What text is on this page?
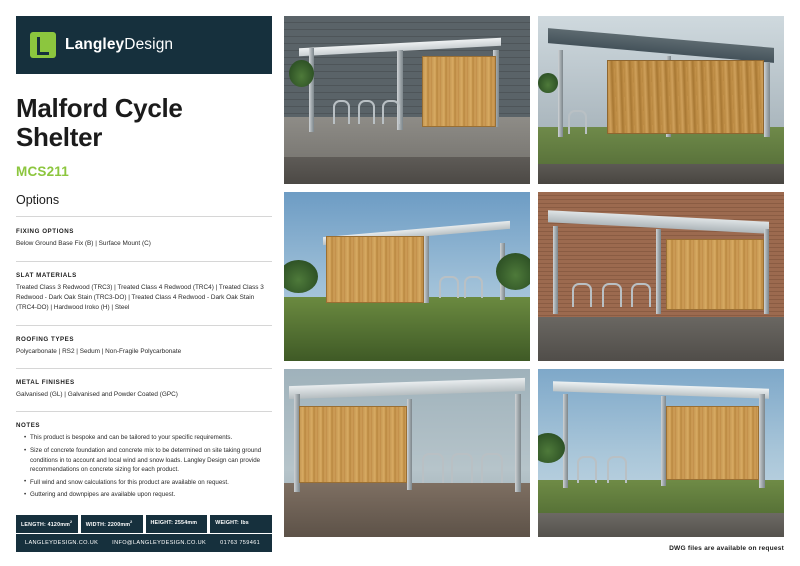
LangleyDesign
Malford Cycle Shelter
MCS211
Options
FIXING OPTIONS
Below Ground Base Fix (B) | Surface Mount (C)
SLAT MATERIALS
Treated Class 3 Redwood (TRC3) | Treated Class 4 Redwood (TRC4) | Treated Class 3 Redwood - Dark Oak Stain (TRC3-DO) | Treated Class 4 Redwood - Dark Oak Stain (TRC4-DO) | Hardwood Iroko (H) | Steel
ROOFING TYPES
Polycarbonate | RS2 | Sedum | Non-Fragile Polycarbonate
METAL FINISHES
Galvanised (GL) | Galvanised and Powder Coated (GPC)
NOTES
• This product is bespoke and can be tailored to your specific requirements.
• Size of concrete foundation and concrete mix to be determined on site taking ground conditions in to account and local wind and snow loads. Langley Design can provide recommendations on concrete sizing for each product.
• Full wind and snow calculations for this product are available on request.
• Guttering and downpipes are available upon request.
LENGTH: $4120mm^2$	WIDTH: $2200mm^2$	HEIGHT: 2554mm	WEIGHT: lbs
LANGLEYDESIGN.CO.UK	INFO@LANGLEYDESIGN.CO.UK	01763 759461
DWG files are available on request
